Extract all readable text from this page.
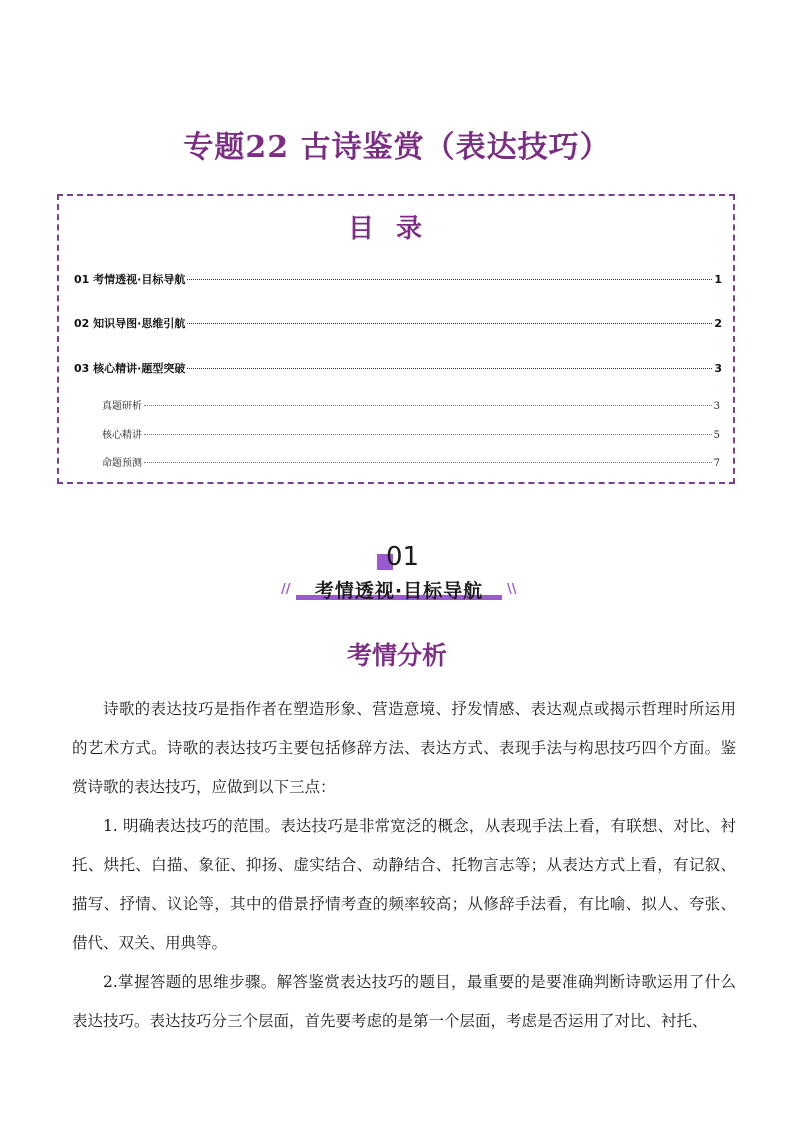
专题22 古诗鉴赏（表达技巧）
目录
01 考情透视·目标导航	1
02 知识导图·思维引航	2
03 核心精讲·题型突破	3
真题研析	3
核心精讲	5
命题预测	7
01
//	考情透视·目标导航	\\
考情分析

诗歌的表达技巧是指作者在塑造形象、营造意境、抒发情感、表达观点或揭示哲理时所运用的艺术方式。诗歌的表达技巧主要包括修辞方法、表达方式、表现手法与构思技巧四个方面。鉴赏诗歌的表达技巧，应做到以下三点：

1. 明确表达技巧的范围。表达技巧是非常宽泛的概念，从表现手法上看，有联想、对比、衬托、烘托、白描、象征、抑扬、虚实结合、动静结合、托物言志等；从表达方式上看，有记叙、描写、抒情、议论等，其中的借景抒情考查的频率较高；从修辞手法看，有比喻、拟人、夸张、借代、双关、用典等。

2.掌握答题的思维步骤。解答鉴赏表达技巧的题目，最重要的是要准确判断诗歌运用了什么表达技巧。表达技巧分三个层面，首先要考虑的是第一个层面，考虑是否运用了对比、衬托、
